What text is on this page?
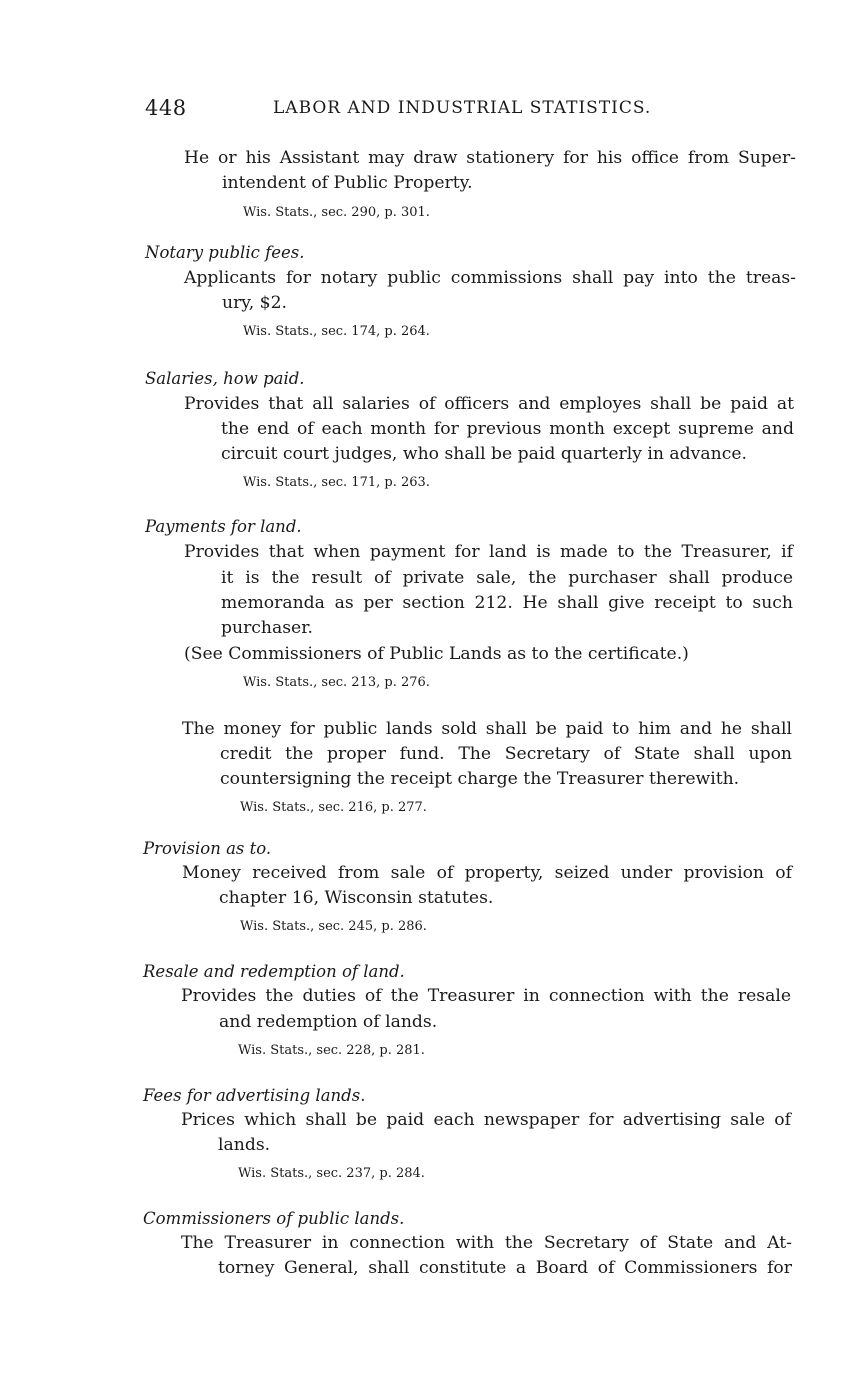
448	LABOR AND INDUSTRIAL STATISTICS.
He or his Assistant may draw stationery for his office from Super-
intendent of Public Property.
Wis. Stats., sec. 290, p. 301.
Notary public fees.
Applicants for notary public commissions shall pay into the treas-
ury, $2.
Wis. Stats., sec. 174, p. 264.
Salaries, how paid.
Provides that all salaries of officers and employes shall be paid at
the end of each month for previous month except supreme and
circuit court judges, who shall be paid quarterly in advance.
Wis. Stats., sec. 171, p. 263.
Payments for land.
Provides that when payment for land is made to the Treasurer, if
it is the result of private sale, the purchaser shall produce
memoranda as per section 212. He shall give receipt to such
purchaser.
(See Commissioners of Public Lands as to the certificate.)
Wis. Stats., sec. 213, p. 276.
The money for public lands sold shall be paid to him and he shall
credit the proper fund. The Secretary of State shall upon
countersigning the receipt charge the Treasurer therewith.
Wis. Stats., sec. 216, p. 277.
Provision as to.
Money received from sale of property, seized under provision of
chapter 16, Wisconsin statutes.
Wis. Stats., sec. 245, p. 286.
Resale and redemption of land.
Provides the duties of the Treasurer in connection with the resale
and redemption of lands.
Wis. Stats., sec. 228, p. 281.
Fees for advertising lands.
Prices which shall be paid each newspaper for advertising sale of
lands.
Wis. Stats., sec. 237, p. 284.
Commissioners of public lands.
The Treasurer in connection with the Secretary of State and At-
torney General, shall constitute a Board of Commissioners for
